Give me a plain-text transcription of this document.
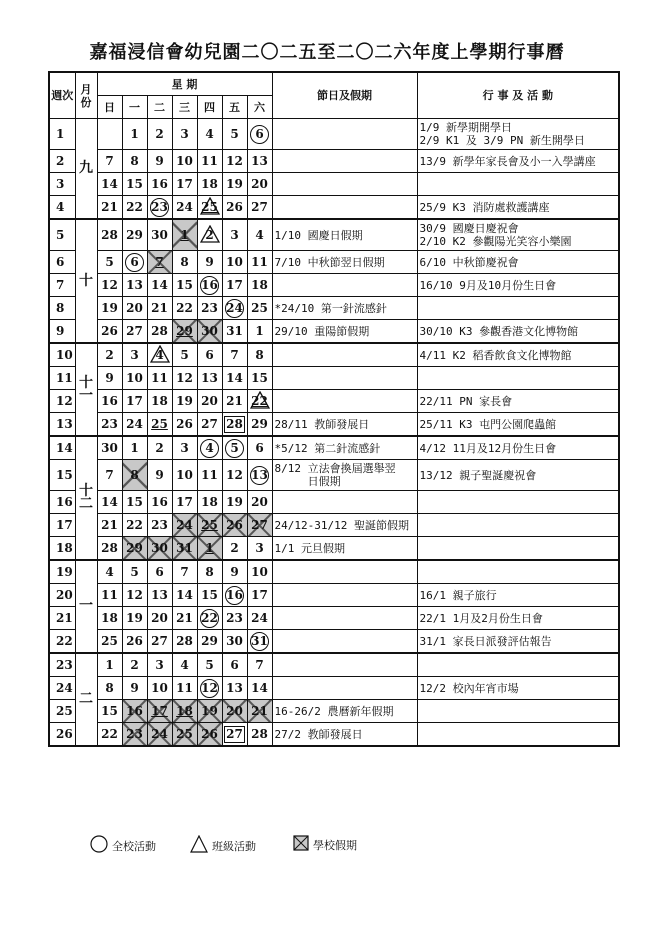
嘉福浸信會幼兒園二〇二五至二〇二六年度上學期行事曆
週次	月份	星 期							節日及假期	行 事 及 活 動
		日	一	二	三	四	五	六		
1	九		1	2	3	4	5	6		1/9 新學期開學日
2/9 K1 及 3/9 PN 新生開學日
2		7	8	9	10	11	12	13		13/9 新學年家長會及小一入學講座
3		14	15	16	17	18	19	20		
4		21	22	23	24	25	26	27		25/9 K3 消防處救護講座
5	十	28	29	30	1	2	3	4	1/10 國慶日假期	30/9 國慶日慶祝會
2/10 K2 參觀陽光笑容小樂園
6		5	6	7	8	9	10	11	7/10 中秋節翌日假期	6/10 中秋節慶祝會
7		12	13	14	15	16	17	18		16/10 9月及10月份生日會
8		19	20	21	22	23	24	25	*24/10 第一針流感針	
9		26	27	28	29	30	31	1	29/10 重陽節假期	30/10 K3 參觀香港文化博物館
10	十一	2	3	4	5	6	7	8		4/11 K2 稻香飲食文化博物館
11		9	10	11	12	13	14	15		
12		16	17	18	19	20	21	22		22/11 PN 家長會
13		23	24	25	26	27	28	29	28/11 教師發展日	25/11 K3 屯門公園爬蟲館
14	十二	30	1	2	3	4	5	6	*5/12 第二針流感針	4/12 11月及12月份生日會
15		7	8	9	10	11	12	13	8/12 立法會換屆選舉翌
日假期	13/12 親子聖誕慶祝會
16		14	15	16	17	18	19	20		
17		21	22	23	24	25	26	27	24/12-31/12 聖誕節假期	
18		28	29	30	31	1	2	3	1/1 元旦假期	
19	一	4	5	6	7	8	9	10		
20		11	12	13	14	15	16	17		16/1 親子旅行
21		18	19	20	21	22	23	24		22/1 1月及2月份生日會
22		25	26	27	28	29	30	31		31/1 家長日派發評估報告
23	二	1	2	3	4	5	6	7		
24		8	9	10	11	12	13	14		12/2 校內年宵市場
25		15	16	17	18	19	20	21	16-26/2 農曆新年假期	
26		22	23	24	25	26	27	28	27/2 教師發展日	
全校活動	班級活動	學校假期
